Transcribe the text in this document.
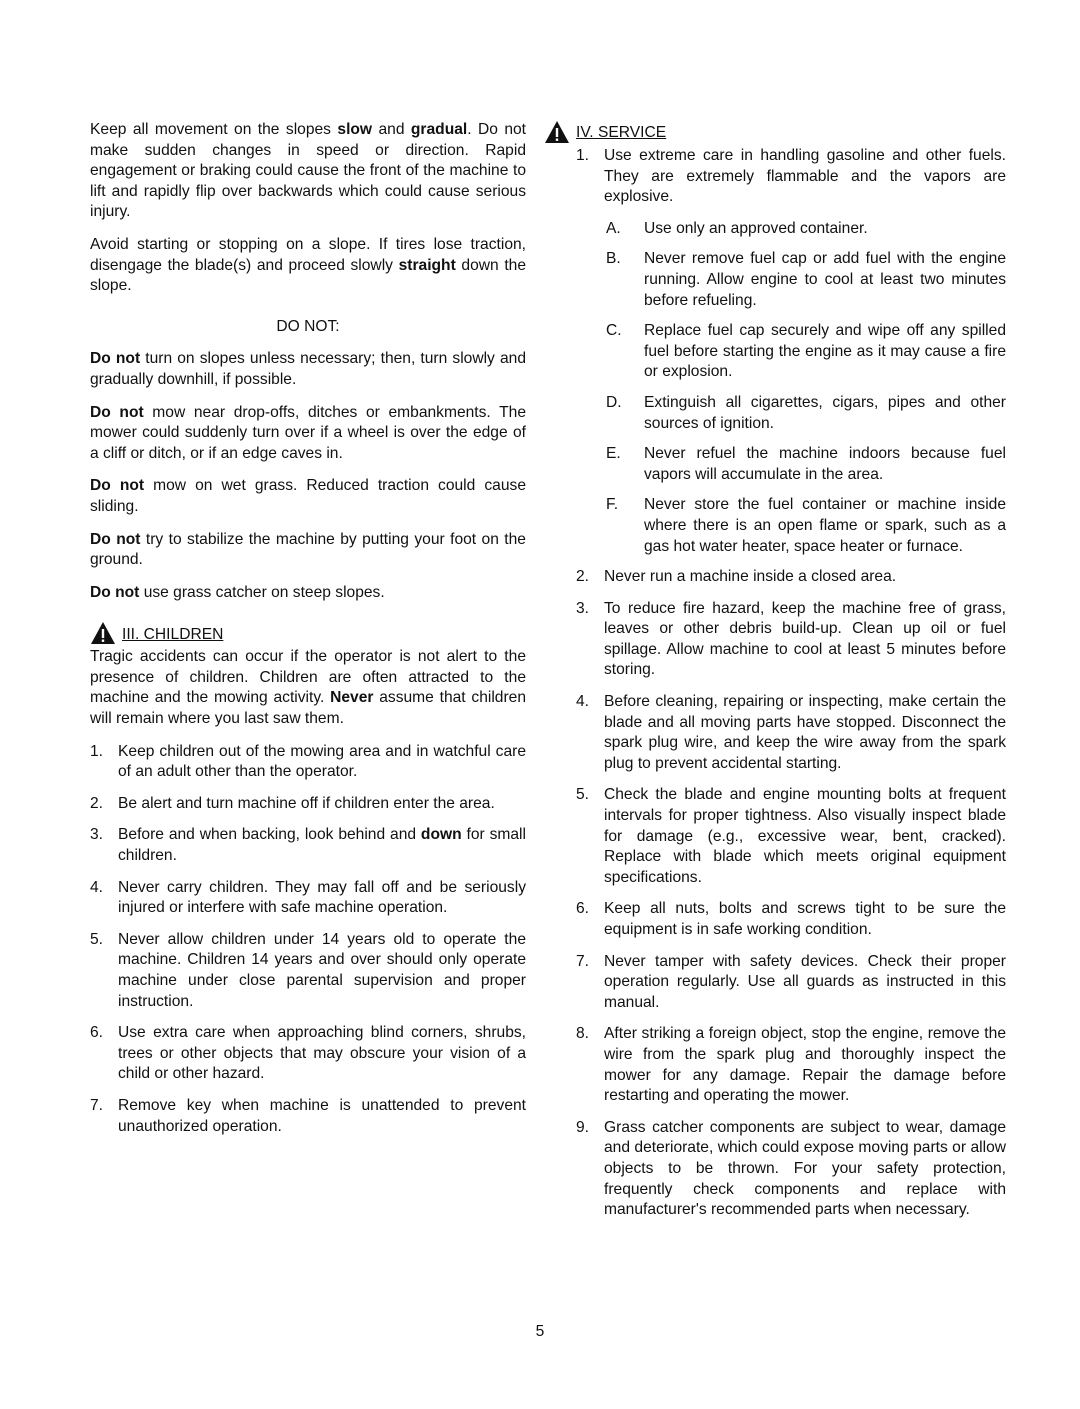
Keep all movement on the slopes slow and gradual. Do not make sudden changes in speed or direction. Rapid engagement or braking could cause the front of the machine to lift and rapidly flip over backwards which could cause serious injury.

Avoid starting or stopping on a slope. If tires lose traction, disengage the blade(s) and proceed slowly straight down the slope.

DO NOT:

Do not turn on slopes unless necessary; then, turn slowly and gradually downhill, if possible.

Do not mow near drop-offs, ditches or embankments. The mower could suddenly turn over if a wheel is over the edge of a cliff or ditch, or if an edge caves in.

Do not mow on wet grass. Reduced traction could cause sliding.

Do not try to stabilize the machine by putting your foot on the ground.

Do not use grass catcher on steep slopes.

III. CHILDREN

Tragic accidents can occur if the operator is not alert to the presence of children. Children are often attracted to the machine and the mowing activity. Never assume that children will remain where you last saw them.

1. Keep children out of the mowing area and in watchful care of an adult other than the operator.
2. Be alert and turn machine off if children enter the area.
3. Before and when backing, look behind and down for small children.
4. Never carry children. They may fall off and be seriously injured or interfere with safe machine operation.
5. Never allow children under 14 years old to operate the machine. Children 14 years and over should only operate machine under close parental supervision and proper instruction.
6. Use extra care when approaching blind corners, shrubs, trees or other objects that may obscure your vision of a child or other hazard.
7. Remove key when machine is unattended to prevent unauthorized operation.
IV. SERVICE
1. Use extreme care in handling gasoline and other fuels. They are extremely flammable and the vapors are explosive.
A.	Use only an approved container.
B.	Never remove fuel cap or add fuel with the engine running. Allow engine to cool at least two minutes before refueling.
C.	Replace fuel cap securely and wipe off any spilled fuel before starting the engine as it may cause a fire or explosion.
D.	Extinguish all cigarettes, cigars, pipes and other sources of ignition.
E.	Never refuel the machine indoors because fuel vapors will accumulate in the area.
F.	Never store the fuel container or machine inside where there is an open flame or spark, such as a gas hot water heater, space heater or furnace.
2. Never run a machine inside a closed area.
3. To reduce fire hazard, keep the machine free of grass, leaves or other debris build-up. Clean up oil or fuel spillage. Allow machine to cool at least 5 minutes before storing.
4. Before cleaning, repairing or inspecting, make certain the blade and all moving parts have stopped. Disconnect the spark plug wire, and keep the wire away from the spark plug to prevent accidental starting.
5. Check the blade and engine mounting bolts at frequent intervals for proper tightness. Also visually inspect blade for damage (e.g., excessive wear, bent, cracked). Replace with blade which meets original equipment specifications.
6. Keep all nuts, bolts and screws tight to be sure the equipment is in safe working condition.
7. Never tamper with safety devices. Check their proper operation regularly. Use all guards as instructed in this manual.
8. After striking a foreign object, stop the engine, remove the wire from the spark plug and thoroughly inspect the mower for any damage. Repair the damage before restarting and operating the mower.
9. Grass catcher components are subject to wear, damage and deteriorate, which could expose moving parts or allow objects to be thrown. For your safety protection, frequently check components and replace with manufacturer's recommended parts when necessary.
5
